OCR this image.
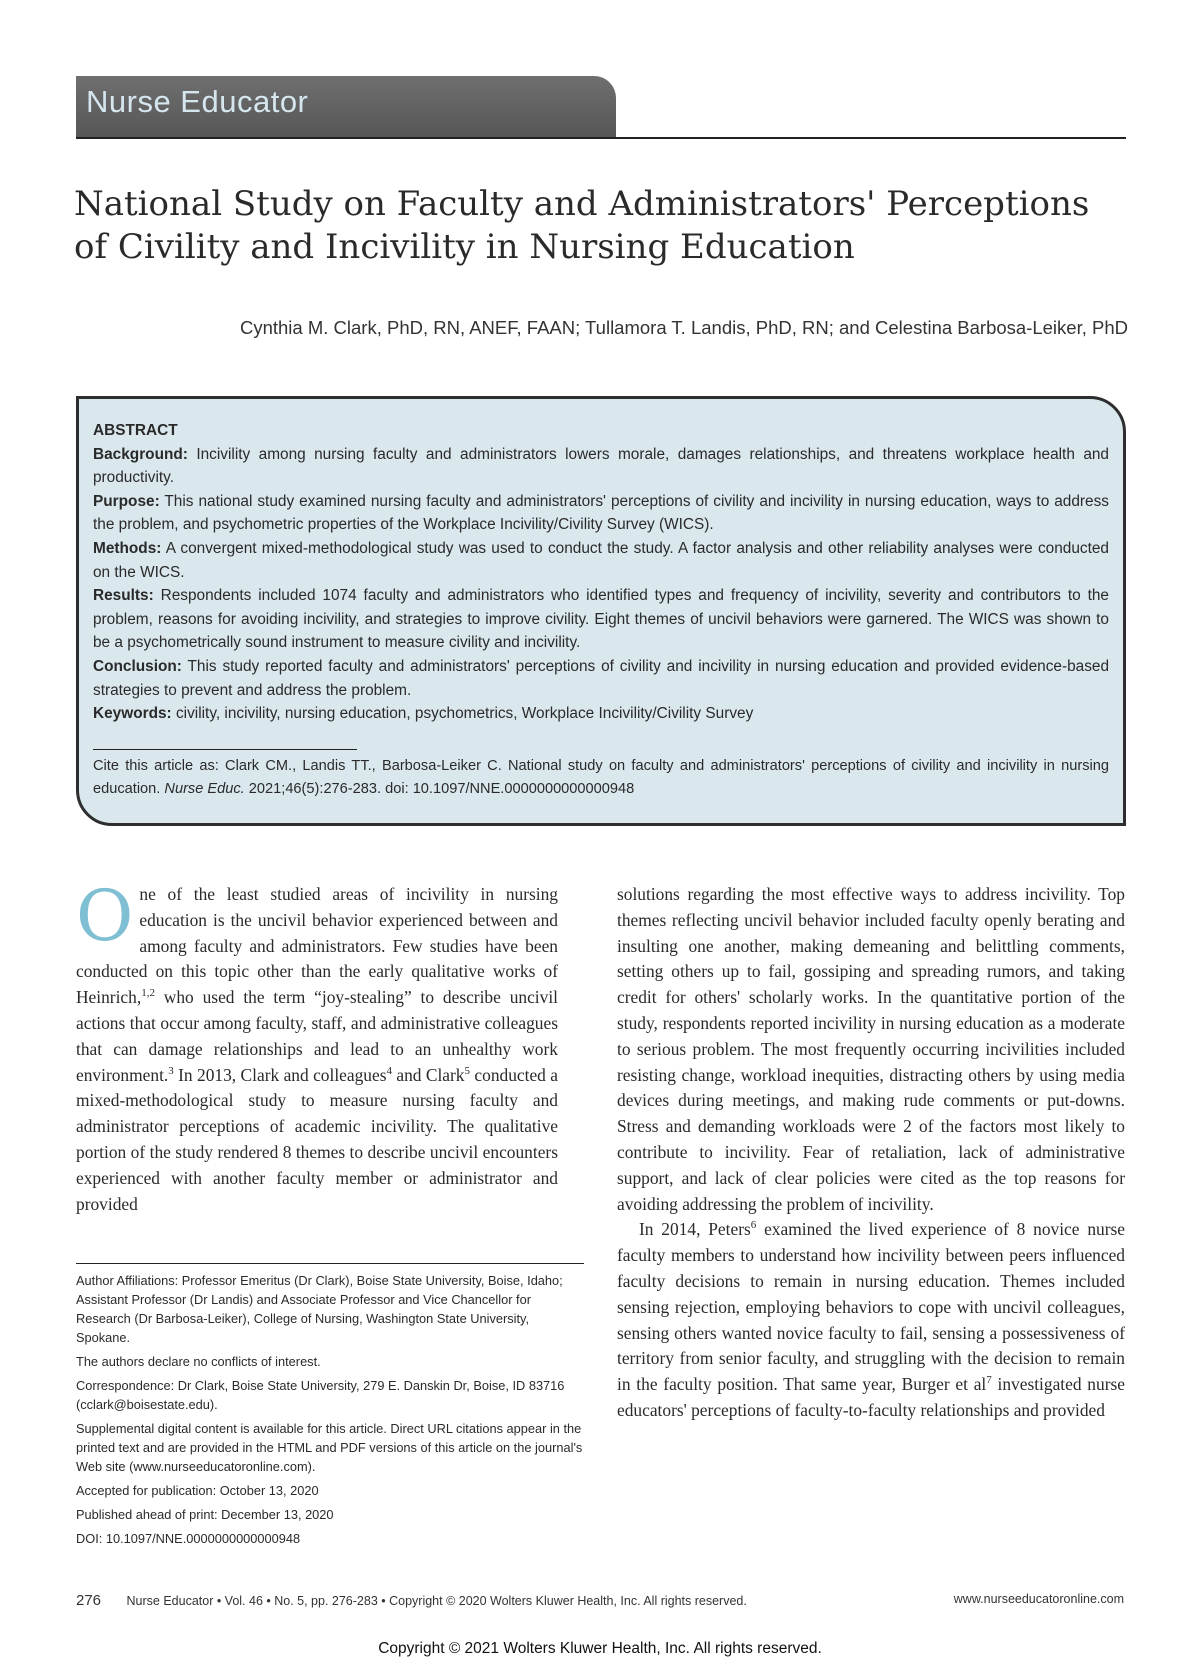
Nurse Educator
National Study on Faculty and Administrators' Perceptions of Civility and Incivility in Nursing Education
Cynthia M. Clark, PhD, RN, ANEF, FAAN; Tullamora T. Landis, PhD, RN; and Celestina Barbosa-Leiker, PhD

ABSTRACT

Background: Incivility among nursing faculty and administrators lowers morale, damages relationships, and threatens workplace health and productivity.

Purpose: This national study examined nursing faculty and administrators' perceptions of civility and incivility in nursing education, ways to address the problem, and psychometric properties of the Workplace Incivility/Civility Survey (WICS).

Methods: A convergent mixed-methodological study was used to conduct the study. A factor analysis and other reliability analyses were conducted on the WICS.

Results: Respondents included 1074 faculty and administrators who identified types and frequency of incivility, severity and contributors to the problem, reasons for avoiding incivility, and strategies to improve civility. Eight themes of uncivil behaviors were garnered. The WICS was shown to be a psychometrically sound instrument to measure civility and incivility.

Conclusion: This study reported faculty and administrators' perceptions of civility and incivility in nursing education and provided evidence-based strategies to prevent and address the problem.

Keywords: civility, incivility, nursing education, psychometrics, Workplace Incivility/Civility Survey

Cite this article as: Clark CM., Landis TT., Barbosa-Leiker C. National study on faculty and administrators' perceptions of civility and incivility in nursing education. Nurse Educ. 2021;46(5):276-283. doi: 10.1097/NNE.0000000000000948

One of the least studied areas of incivility in nursing education is the uncivil behavior experienced between and among faculty and administrators. Few studies have been conducted on this topic other than the early qualitative works of Heinrich,$^{1,2}$ who used the term “joy-stealing” to describe uncivil actions that occur among faculty, staff, and administrative colleagues that can damage relationships and lead to an unhealthy work environment.$^3$ In 2013, Clark and colleagues$^4$ and Clark$^5$ conducted a mixed-methodological study to measure nursing faculty and administrator perceptions of academic incivility. The qualitative portion of the study rendered 8 themes to describe uncivil encounters experienced with another faculty member or administrator and provided

Author Affiliations: Professor Emeritus (Dr Clark), Boise State University, Boise, Idaho; Assistant Professor (Dr Landis) and Associate Professor and Vice Chancellor for Research (Dr Barbosa-Leiker), College of Nursing, Washington State University, Spokane.

The authors declare no conflicts of interest.

Correspondence: Dr Clark, Boise State University, 279 E. Danskin Dr, Boise, ID 83716 (cclark@boisestate.edu).

Supplemental digital content is available for this article. Direct URL citations appear in the printed text and are provided in the HTML and PDF versions of this article on the journal's Web site (www.nurseeducatoronline.com).

Accepted for publication: October 13, 2020

Published ahead of print: December 13, 2020

DOI: 10.1097/NNE.0000000000000948

solutions regarding the most effective ways to address incivility. Top themes reflecting uncivil behavior included faculty openly berating and insulting one another, making demeaning and belittling comments, setting others up to fail, gossiping and spreading rumors, and taking credit for others' scholarly works. In the quantitative portion of the study, respondents reported incivility in nursing education as a moderate to serious problem. The most frequently occurring incivilities included resisting change, workload inequities, distracting others by using media devices during meetings, and making rude comments or put-downs. Stress and demanding workloads were 2 of the factors most likely to contribute to incivility. Fear of retaliation, lack of administrative support, and lack of clear policies were cited as the top reasons for avoiding addressing the problem of incivility.

In 2014, Peters$^6$ examined the lived experience of 8 novice nurse faculty members to understand how incivility between peers influenced faculty decisions to remain in nursing education. Themes included sensing rejection, employing behaviors to cope with uncivil colleagues, sensing others wanted novice faculty to fail, sensing a possessiveness of territory from senior faculty, and struggling with the decision to remain in the faculty position. That same year, Burger et $al^7$ investigated nurse educators' perceptions of faculty-to-faculty relationships and provided

276 Nurse Educator • Vol. 46 • No. 5, pp. 276-283 • Copyright © 2020 Wolters Kluwer Health, Inc. All rights reserved.	www.nurseeducatoronline.com
Copyright © 2021 Wolters Kluwer Health, Inc. All rights reserved.
